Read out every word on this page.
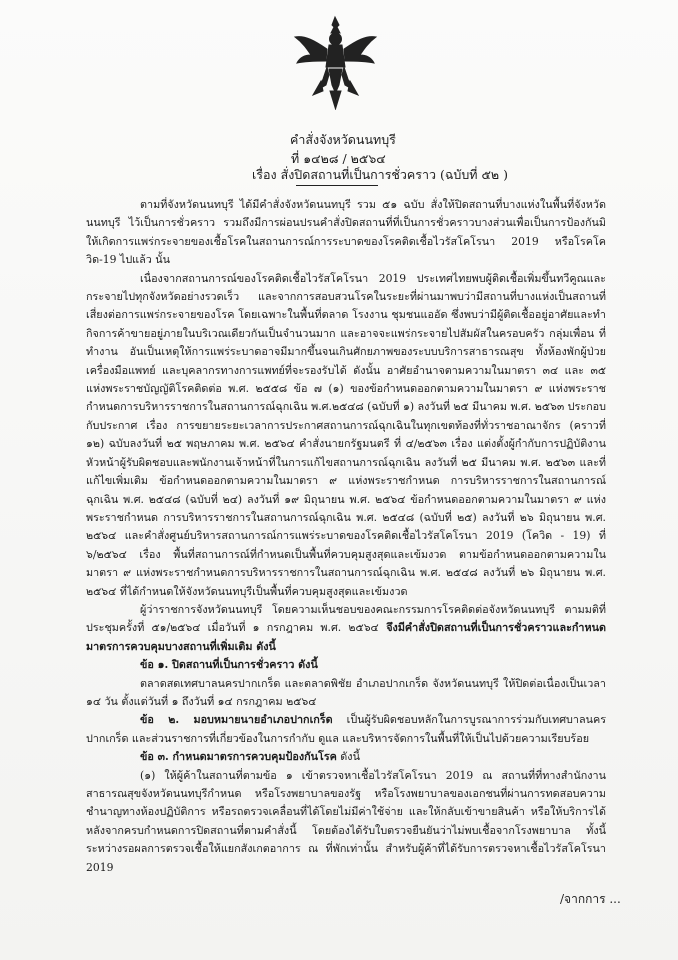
คำสั่งจังหวัดนนทบุรี
ที่ ๑๔๒๘ / ๒๕๖๔
เรื่อง สั่งปิดสถานที่เป็นการชั่วคราว (ฉบับที่ ๕๒ )

ตามที่จังหวัดนนทบุรี ได้มีคำสั่งจังหวัดนนทบุรี รวม ๕๑ ฉบับ สั่งให้ปิดสถานที่บางแห่งในพื้นที่จังหวัดนนทบุรี ไว้เป็นการชั่วคราว รวมถึงมีการผ่อนปรนคำสั่งปิดสถานที่ที่เป็นการชั่วคราวบางส่วนเพื่อเป็นการป้องกันมิให้เกิดการแพร่กระจายของเชื้อโรคในสถานการณ์การระบาดของโรคติดเชื้อไวรัสโคโรนา 2019 หรือโรคโควิด-19 ไปแล้ว นั้น

เนื่องจากสถานการณ์ของโรคติดเชื้อไวรัสโคโรนา 2019 ประเทศไทยพบผู้ติดเชื้อเพิ่มขึ้นทวีคูณและกระจายไปทุกจังหวัดอย่างรวดเร็ว และจากการสอบสวนโรคในระยะที่ผ่านมาพบว่ามีสถานที่บางแห่งเป็นสถานที่เสี่ยงต่อการแพร่กระจายของโรค โดยเฉพาะในพื้นที่ตลาด โรงงาน ชุมชนแออัด ซึ่งพบว่ามีผู้ติดเชื้ออยู่อาศัยและทำกิจการค้าขายอยู่ภายในบริเวณเดียวกันเป็นจำนวนมาก และอาจจะแพร่กระจายไปสัมผัสในครอบครัว กลุ่มเพื่อน ที่ทำงาน อันเป็นเหตุให้การแพร่ระบาดอาจมีมากขึ้นจนเกินศักยภาพของระบบบริการสาธารณสุข ทั้งห้องพักผู้ป่วย เครื่องมือแพทย์ และบุคลากรทางการแพทย์ที่จะรองรับได้ ดังนั้น อาศัยอำนาจตามความในมาตรา ๓๔ และ ๓๕ แห่งพระราชบัญญัติโรคติดต่อ พ.ศ. ๒๕๕๘ ข้อ ๗ (๑) ของข้อกำหนดออกตามความในมาตรา ๙ แห่งพระราชกำหนดการบริหารราชการในสถานการณ์ฉุกเฉิน พ.ศ.๒๕๔๘ (ฉบับที่ ๑) ลงวันที่ ๒๕ มีนาคม พ.ศ. ๒๕๖๓ ประกอบกับประกาศ เรื่อง การขยายระยะเวลาการประกาศสถานการณ์ฉุกเฉินในทุกเขตท้องที่ทั่วราชอาณาจักร (คราวที่ ๑๒) ฉบับลงวันที่ ๒๕ พฤษภาคม พ.ศ. ๒๕๖๔ คำสั่งนายกรัฐมนตรี ที่ ๔/๒๕๖๓ เรื่อง แต่งตั้งผู้กำกับการปฏิบัติงาน หัวหน้าผู้รับผิดชอบและพนักงานเจ้าหน้าที่ในการแก้ไขสถานการณ์ฉุกเฉิน ลงวันที่ ๒๕ มีนาคม พ.ศ. ๒๕๖๓ และที่แก้ไขเพิ่มเติม ข้อกำหนดออกตามความในมาตรา ๙ แห่งพระราชกำหนด การบริหารราชการในสถานการณ์ฉุกเฉิน พ.ศ. ๒๕๔๘ (ฉบับที่ ๒๔) ลงวันที่ ๑๙ มิถุนายน พ.ศ. ๒๕๖๔ ข้อกำหนดออกตามความในมาตรา ๙ แห่งพระราชกำหนด การบริหารราชการในสถานการณ์ฉุกเฉิน พ.ศ. ๒๕๔๘ (ฉบับที่ ๒๕) ลงวันที่ ๒๖ มิถุนายน พ.ศ. ๒๕๖๔ และคำสั่งศูนย์บริหารสถานการณ์การแพร่ระบาดของโรคติดเชื้อไวรัสโคโรนา 2019 (โควิด - 19) ที่ ๖/๒๕๖๔ เรื่อง พื้นที่สถานการณ์ที่กำหนดเป็นพื้นที่ควบคุมสูงสุดและเข้มงวด ตามข้อกำหนดออกตามความในมาตรา ๙ แห่งพระราชกำหนดการบริหารราชการในสถานการณ์ฉุกเฉิน พ.ศ. ๒๕๔๘ ลงวันที่ ๒๖ มิถุนายน พ.ศ. ๒๕๖๔ ที่ได้กำหนดให้จังหวัดนนทบุรีเป็นพื้นที่ควบคุมสูงสุดและเข้มงวด

ผู้ว่าราชการจังหวัดนนทบุรี โดยความเห็นชอบของคณะกรรมการโรคติดต่อจังหวัดนนทบุรี ตามมติที่ประชุมครั้งที่ ๕๑/๒๕๖๔ เมื่อวันที่ ๑ กรกฎาคม พ.ศ. ๒๕๖๔ จึงมีคำสั่งปิดสถานที่เป็นการชั่วคราวและกำหนดมาตรการควบคุมบางสถานที่เพิ่มเติม ดังนี้

ข้อ ๑. ปิดสถานที่เป็นการชั่วคราว ดังนี้

ตลาดสดเทศบาลนครปากเกร็ด และตลาดพิชัย อำเภอปากเกร็ด จังหวัดนนทบุรี ให้ปิดต่อเนื่องเป็นเวลา ๑๔ วัน ตั้งแต่วันที่ ๑ ถึงวันที่ ๑๔ กรกฎาคม ๒๕๖๔

ข้อ ๒. มอบหมายนายอำเภอปากเกร็ด เป็นผู้รับผิดชอบหลักในการบูรณาการร่วมกับเทศบาลนครปากเกร็ด และส่วนราชการที่เกี่ยวข้องในการกำกับ ดูแล และบริหารจัดการในพื้นที่ให้เป็นไปด้วยความเรียบร้อย

ข้อ ๓. กำหนดมาตรการควบคุมป้องกันโรค ดังนี้

(๑) ให้ผู้ค้าในสถานที่ตามข้อ ๑ เข้าตรวจหาเชื้อไวรัสโคโรนา 2019 ณ สถานที่ที่ทางสำนักงานสาธารณสุขจังหวัดนนทบุรีกำหนด หรือโรงพยาบาลของรัฐ หรือโรงพยาบาลของเอกชนที่ผ่านการทดสอบความชำนาญทางห้องปฏิบัติการ หรือรถตรวจเคลื่อนที่ได้โดยไม่มีค่าใช้จ่าย และให้กลับเข้าขายสินค้า หรือให้บริการได้หลังจากครบกำหนดการปิดสถานที่ตามคำสั่งนี้ โดยต้องได้รับใบตรวจยืนยันว่าไม่พบเชื้อจากโรงพยาบาล ทั้งนี้ระหว่างรอผลการตรวจเชื้อให้แยกสังเกตอาการ ณ ที่พักเท่านั้น สำหรับผู้ค้าที่ได้รับการตรวจหาเชื้อไวรัสโคโรนา 2019

/จากการ ...
